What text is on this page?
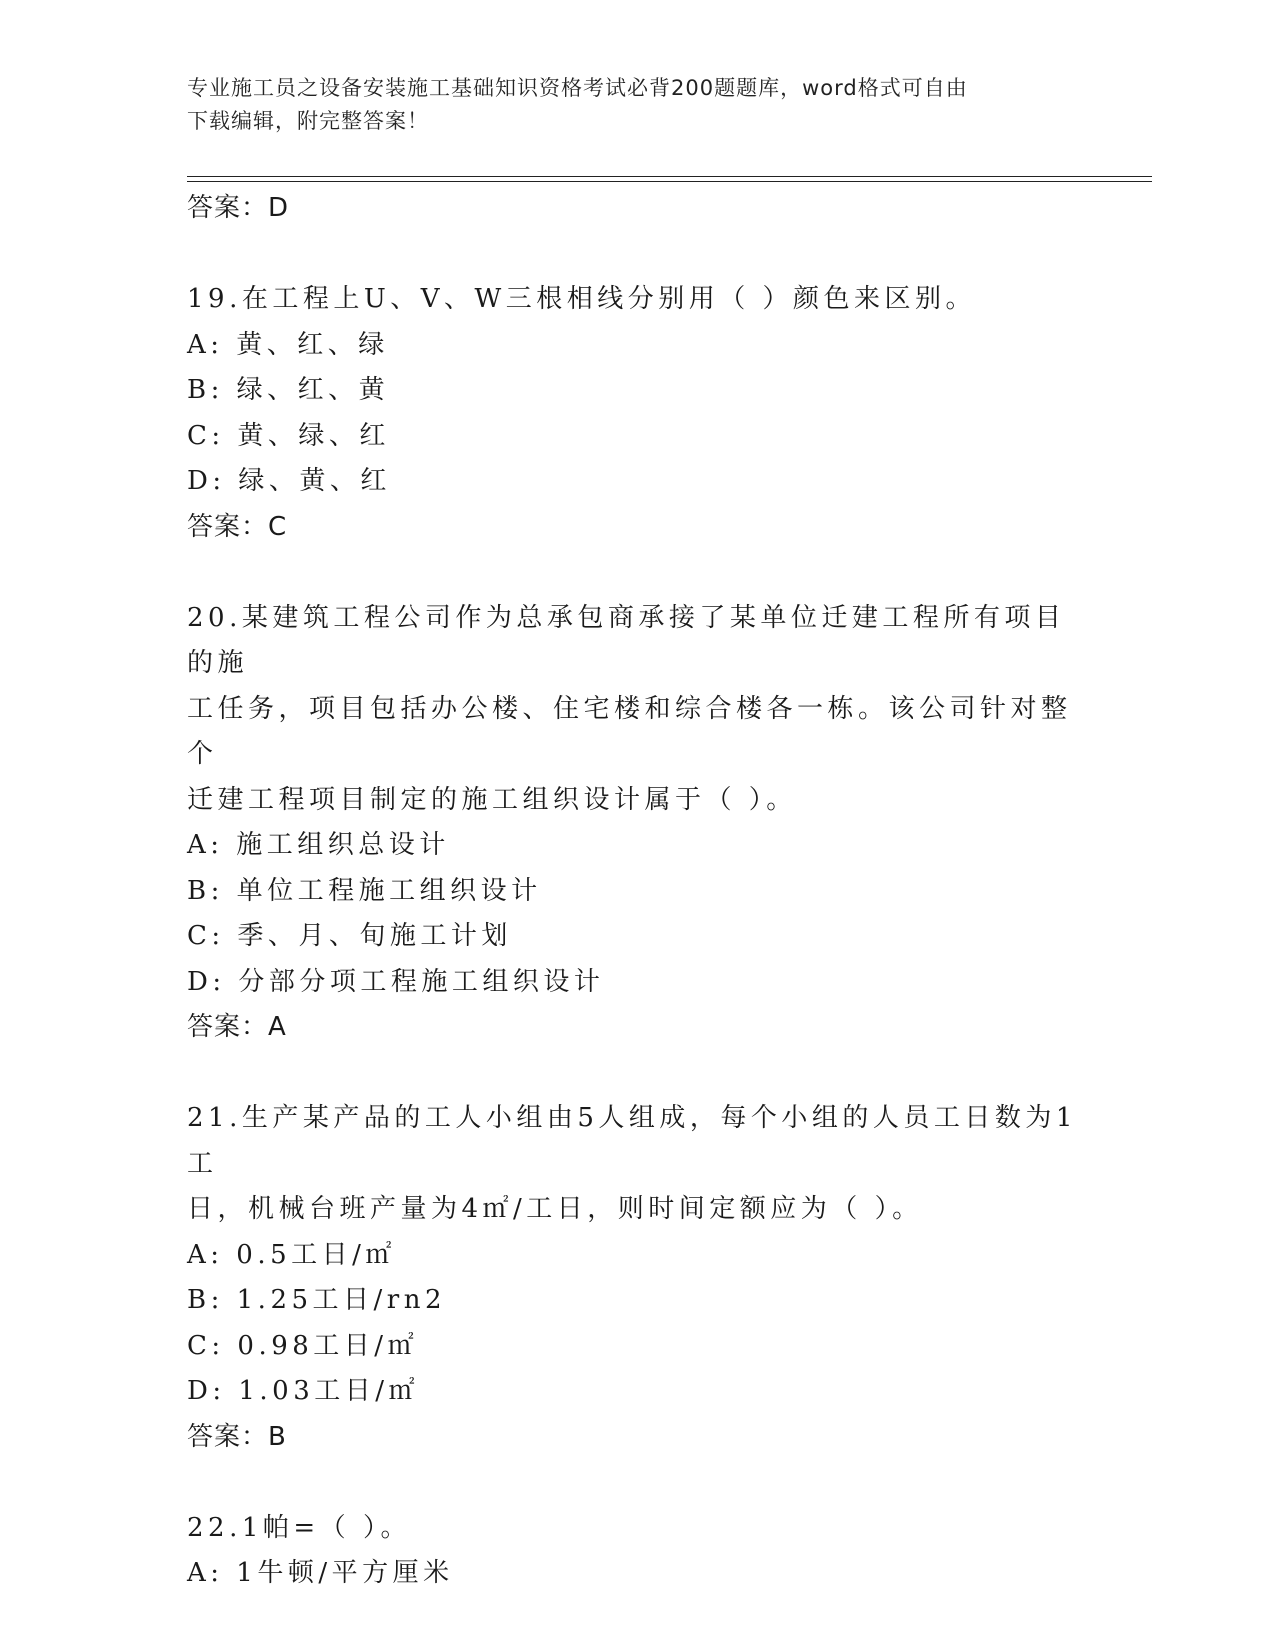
专业施工员之设备安装施工基础知识资格考试必背200题题库，word格式可自由
下载编辑，附完整答案！
答案：D
19.在工程上U、V、W三根相线分别用（ ）颜色来区别。
A: 黄、红、绿
B: 绿、红、黄
C: 黄、绿、红
D: 绿、黄、红
答案：C
20.某建筑工程公司作为总承包商承接了某单位迁建工程所有项目的施
工任务，项目包括办公楼、住宅楼和综合楼各一栋。该公司针对整个
迁建工程项目制定的施工组织设计属于（ ）。
A: 施工组织总设计
B: 单位工程施工组织设计
C: 季、月、旬施工计划
D: 分部分项工程施工组织设计
答案：A
21.生产某产品的工人小组由5人组成，每个小组的人员工日数为1工
日，机械台班产量为4㎡/工日，则时间定额应为（ ）。
A: 0.5工日/㎡
B: 1.25工日/rn2
C: 0.98工日/㎡
D: 1.03工日/㎡
答案：B
22.1帕=（ ）。
A: 1牛顿/平方厘米
